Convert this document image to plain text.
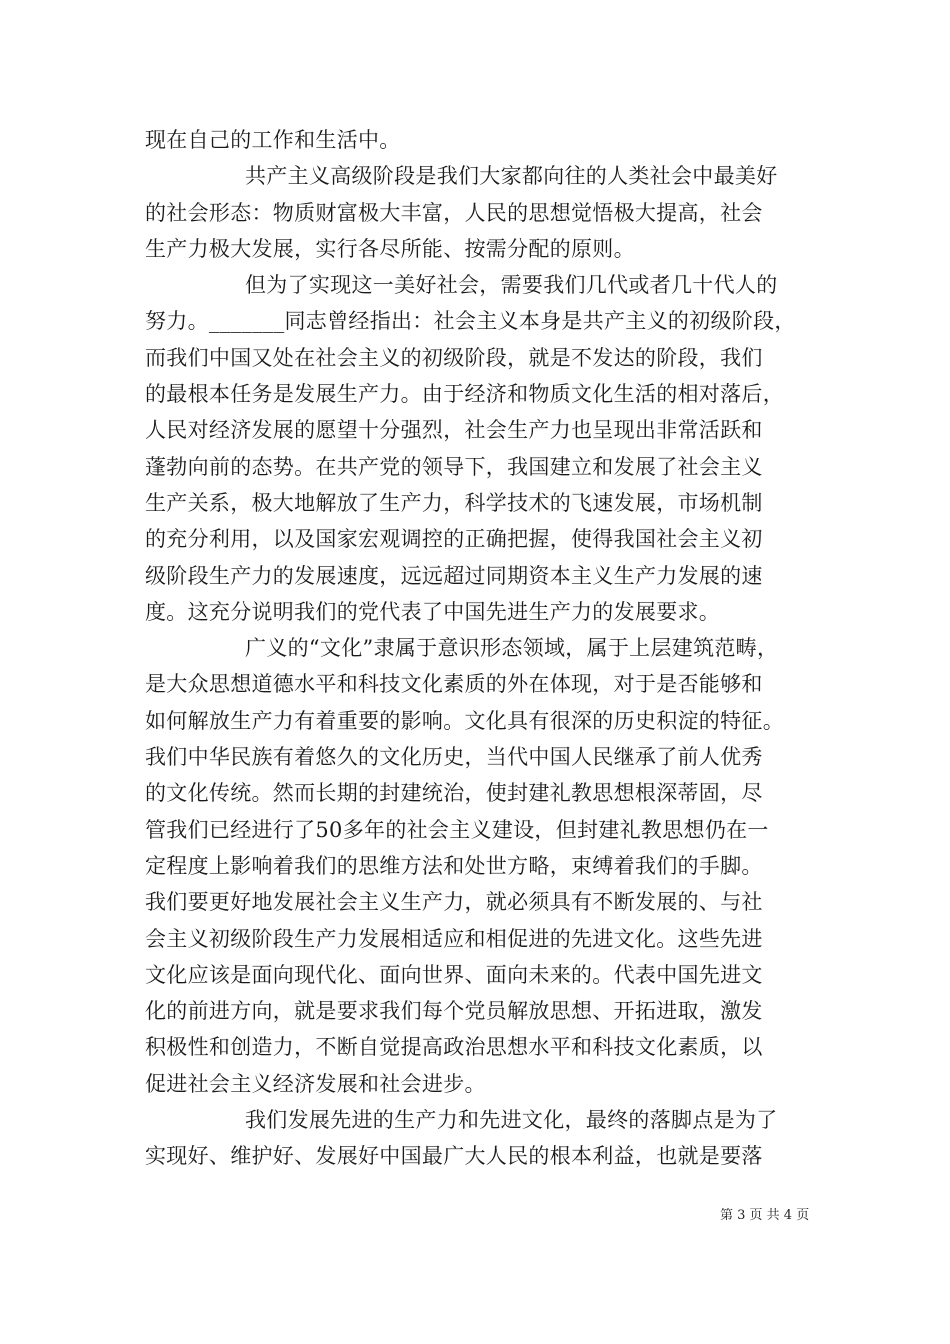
现在自己的工作和生活中。
共产主义高级阶段是我们大家都向往的人类社会中最美好
的社会形态：物质财富极大丰富，人民的思想觉悟极大提高，社会
生产力极大发展，实行各尽所能、按需分配的原则。
但为了实现这一美好社会，需要我们几代或者几十代人的
努力。_______同志曾经指出：社会主义本身是共产主义的初级阶段，
而我们中国又处在社会主义的初级阶段，就是不发达的阶段，我们
的最根本任务是发展生产力。由于经济和物质文化生活的相对落后，
人民对经济发展的愿望十分强烈，社会生产力也呈现出非常活跃和
蓬勃向前的态势。在共产党的领导下，我国建立和发展了社会主义
生产关系，极大地解放了生产力，科学技术的飞速发展，市场机制
的充分利用，以及国家宏观调控的正确把握，使得我国社会主义初
级阶段生产力的发展速度，远远超过同期资本主义生产力发展的速
度。这充分说明我们的党代表了中国先进生产力的发展要求。
广义的“文化”隶属于意识形态领域，属于上层建筑范畴，
是大众思想道德水平和科技文化素质的外在体现，对于是否能够和
如何解放生产力有着重要的影响。文化具有很深的历史积淀的特征。
我们中华民族有着悠久的文化历史，当代中国人民继承了前人优秀
的文化传统。然而长期的封建统治，使封建礼教思想根深蒂固，尽
管我们已经进行了50多年的社会主义建设，但封建礼教思想仍在一
定程度上影响着我们的思维方法和处世方略，束缚着我们的手脚。
我们要更好地发展社会主义生产力，就必须具有不断发展的、与社
会主义初级阶段生产力发展相适应和相促进的先进文化。这些先进
文化应该是面向现代化、面向世界、面向未来的。代表中国先进文
化的前进方向，就是要求我们每个党员解放思想、开拓进取，激发
积极性和创造力，不断自觉提高政治思想水平和科技文化素质，以
促进社会主义经济发展和社会进步。
我们发展先进的生产力和先进文化，最终的落脚点是为了
实现好、维护好、发展好中国最广大人民的根本利益，也就是要落
第 3 页 共 4 页
